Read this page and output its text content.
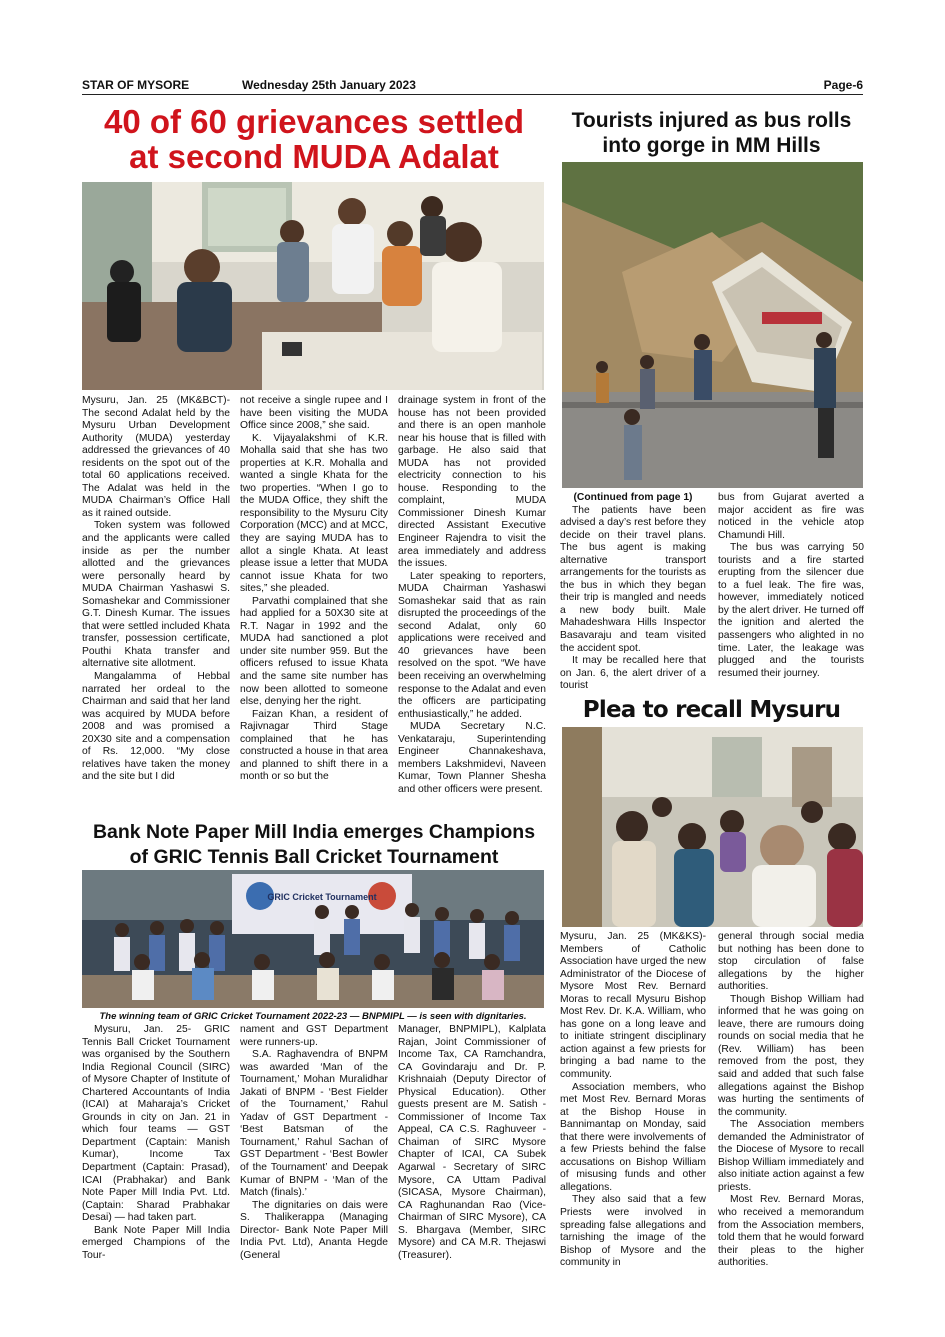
STAR OF MYSORE	Wednesday 25th January 2023	Page-6
40 of 60 grievances settled
at second MUDA Adalat

Mysuru, Jan. 25 (MK&BCT)- The second Adalat held by the Mysuru Urban Development Authority (MUDA) yesterday addressed the grievances of 40 residents on the spot out of the total 60 applications received. The Adalat was held in the MUDA Chairman’s Office Hall as it rained outside.

Token system was followed and the applicants were called inside as per the number allotted and the grievances were personally heard by MUDA Chairman Yashaswi S. Somashekar and Commissioner G.T. Dinesh Kumar. The issues that were settled included Khata transfer, possession certificate, Pouthi Khata transfer and alternative site allotment.

Mangalamma of Hebbal narrated her ordeal to the Chairman and said that her land was acquired by MUDA before 2008 and was promised a 20X30 site and a compensation of Rs. 12,000. “My close relatives have taken the money and the site but I did

not receive a single rupee and I have been visiting the MUDA Office since 2008,” she said.

K. Vijayalakshmi of K.R. Mohalla said that she has two properties at K.R. Mohalla and wanted a single Khata for the two properties. “When I go to the MUDA Office, they shift the responsibility to the Mysuru City Corporation (MCC) and at MCC, they are saying MUDA has to allot a single Khata. At least please issue a letter that MUDA cannot issue Khata for two sites,” she pleaded.

Parvathi complained that she had applied for a 50X30 site at R.T. Nagar in 1992 and the MUDA had sanctioned a plot under site number 959. But the officers refused to issue Khata and the same site number has now been allotted to someone else, denying her the right.

Faizan Khan, a resident of Rajivnagar Third Stage complained that he has constructed a house in that area and planned to shift there in a month or so but the

drainage system in front of the house has not been provided and there is an open manhole near his house that is filled with garbage. He also said that MUDA has not provided electricity connection to his house. Responding to the complaint, MUDA Commissioner Dinesh Kumar directed Assistant Executive Engineer Rajendra to visit the area immediately and address the issues.

Later speaking to reporters, MUDA Chairman Yashaswi Somashekar said that as rain disrupted the proceedings of the second Adalat, only 60 applications were received and 40 grievances have been resolved on the spot. “We have been receiving an overwhelming response to the Adalat and even the officers are participating enthusiastically,” he added.

MUDA Secretary N.C. Venkataraju, Superintending Engineer Channakeshava, members Lakshmidevi, Naveen Kumar, Town Planner Shesha and other officers were present.

Tourists injured as bus rolls
into gorge in MM Hills

(Continued from page 1)

The patients have been advised a day’s rest before they decide on their travel plans. The bus agent is making alternative transport arrangements for the tourists as the bus in which they began their trip is mangled and needs a new body built. Male Mahadeshwara Hills Inspector Basavaraju and team visited the accident spot.

It may be recalled here that on Jan. 6, the alert driver of a tourist

bus from Gujarat averted a major accident as fire was noticed in the vehicle atop Chamundi Hill.

The bus was carrying 50 tourists and a fire started erupting from the silencer due to a fuel leak. The fire was, however, immediately noticed by the alert driver. He turned off the ignition and alerted the passengers who alighted in no time. Later, the leakage was plugged and the tourists resumed their journey.

Plea to recall Mysuru

Mysuru, Jan. 25 (MK&KS)- Members of Catholic Association have urged the new Administrator of the Diocese of Mysore Most Rev. Bernard Moras to recall Mysuru Bishop Most Rev. Dr. K.A. William, who has gone on a long leave and to initiate stringent disciplinary action against a few priests for bringing a bad name to the community.

Association members, who met Most Rev. Bernard Moras at the Bishop House in Bannimantap on Monday, said that there were involvements of a few Priests behind the false accusations on Bishop William of misusing funds and other allegations.

They also said that a few Priests were involved in spreading false allegations and tarnishing the image of the Bishop of Mysore and the community in

general through social media but nothing has been done to stop circulation of false allegations by the higher authorities.

Though Bishop William had informed that he was going on leave, there are rumours doing rounds on social media that he (Rev. William) has been removed from the post, they said and added that such false allegations against the Bishop was hurting the sentiments of the community.

The Association members demanded the Administrator of the Diocese of Mysore to recall Bishop William immediately and also initiate action against a few priests.

Most Rev. Bernard Moras, who received a memorandum from the Association members, told them that he would forward their pleas to the higher authorities.

Bank Note Paper Mill India emerges Champions
of GRIC Tennis Ball Cricket Tournament
GRIC Cricket Tournament
The winning team of GRIC Cricket Tournament 2022-23 — BNPMIPL — is seen with dignitaries.

Mysuru, Jan. 25- GRIC Tennis Ball Cricket Tournament was organised by the Southern India Regional Council (SIRC) of Mysore Chapter of Institute of Chartered Accountants of India (ICAI) at Maharaja’s Cricket Grounds in city on Jan. 21 in which four teams — GST Department (Captain: Manish Kumar), Income Tax Department (Captain: Prasad), ICAI (Prabhakar) and Bank Note Paper Mill India Pvt. Ltd. (Captain: Sharad Prabhakar Desai) — had taken part.

Bank Note Paper Mill India emerged Champions of the Tour-

nament and GST Department were runners-up.

S.A. Raghavendra of BNPM was awarded ‘Man of the Tournament,’ Mohan Muralidhar Jakati of BNPM - ‘Best Fielder of the Tournament,’ Rahul Yadav of GST Department - ‘Best Batsman of the Tournament,’ Rahul Sachan of GST Department - ‘Best Bowler of the Tournament’ and Deepak Kumar of BNPM - ‘Man of the Match (finals).’

The dignitaries on dais were S. Thalikerappa (Managing Director- Bank Note Paper Mill India Pvt. Ltd), Ananta Hegde (General

Manager, BNPMIPL), Kalplata Rajan, Joint Commissioner of Income Tax, CA Ramchandra, CA Govindaraju and Dr. P. Krishnaiah (Deputy Director of Physical Education). Other guests present are M. Satish - Commissioner of Income Tax Appeal, CA C.S. Raghuveer - Chaiman of SIRC Mysore Chapter of ICAI, CA Subek Agarwal - Secretary of SIRC Mysore, CA Uttam Padival (SICASA, Mysore Chairman), CA Raghunandan Rao (Vice-Chairman of SIRC Mysore), CA S. Bhargava (Member, SIRC Mysore) and CA M.R. Thejaswi (Treasurer).
